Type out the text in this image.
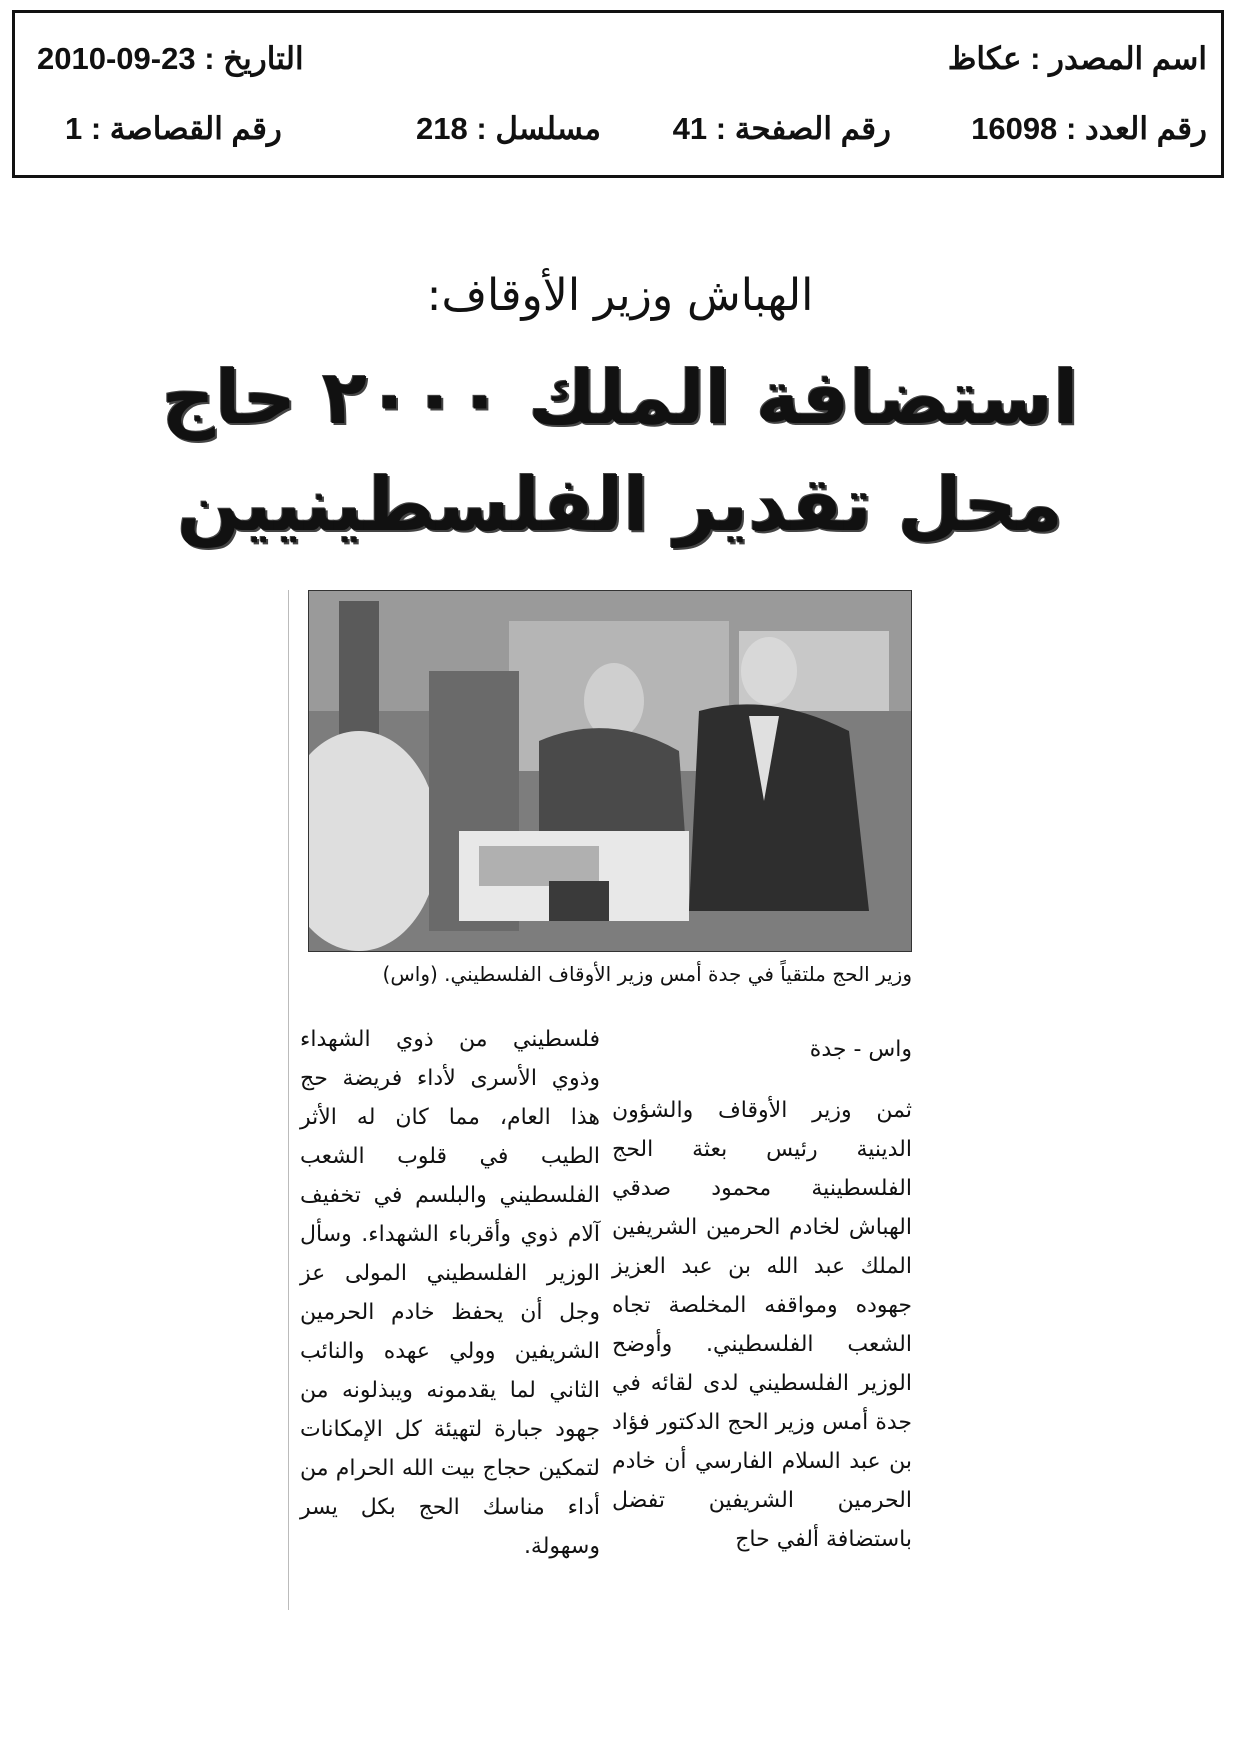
اسم المصدر : عكاظ
التاريخ : 2010-09-23
رقم العدد : 16098
رقم الصفحة : 41
مسلسل : 218
رقم القصاصة : 1
الهباش وزير الأوقاف:
استضافة الملك ٢٠٠٠ حاج
محل تقدير الفلسطينيين
وزير الحج ملتقياً في جدة أمس وزير الأوقاف الفلسطيني. (واس)
واس - جدة

ثمن وزير الأوقاف والشؤون الدينية رئيس بعثة الحج الفلسطينية محمود صدقي الهباش لخادم الحرمين الشريفين الملك عبد الله بن عبد العزيز جهوده ومواقفه المخلصة تجاه الشعب الفلسطيني. وأوضح الوزير الفلسطيني لدى لقائه في جدة أمس وزير الحج الدكتور فؤاد بن عبد السلام الفارسي أن خادم الحرمين الشريفين تفضل باستضافة ألفي حاج

فلسطيني من ذوي الشهداء وذوي الأسرى لأداء فريضة حج هذا العام، مما كان له الأثر الطيب في قلوب الشعب الفلسطيني والبلسم في تخفيف آلام ذوي وأقرباء الشهداء. وسأل الوزير الفلسطيني المولى عز وجل أن يحفظ خادم الحرمين الشريفين وولي عهده والنائب الثاني لما يقدمونه ويبذلونه من جهود جبارة لتهيئة كل الإمكانات لتمكين حجاج بيت الله الحرام من أداء مناسك الحج بكل يسر وسهولة.
